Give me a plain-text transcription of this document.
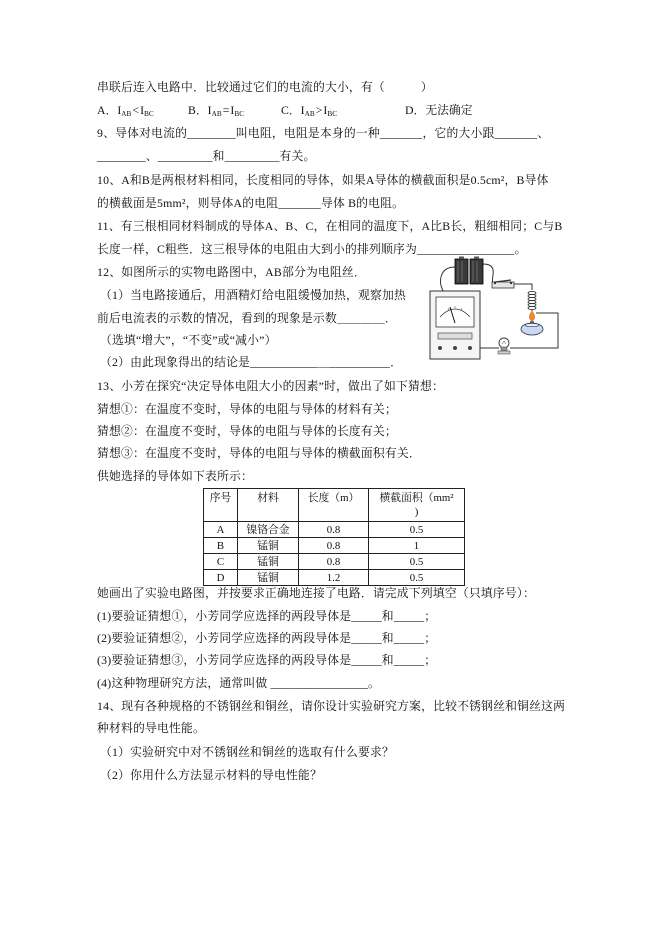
串联后连入电路中．比较通过它们的电流的大小，有（　　　）
A．$I_{AB}<I_{BC}$	B．$I_{AB}=I_{BC}$	C．$I_{AB}>I_{BC}$	D．无法确定
9、导体对电流的________叫电阻，电阻是本身的一种_______，它的大小跟_______、
________、_________和_________有关。
10、A和B是两根材料相同，长度相同的导体，如果A导体的横截面积是0.5cm²，B导体
的横截面是5mm²，则导体A的电阻_______导体 B的电阻。
11、有三根相同材料制成的导体A、B、C，在相同的温度下，A比B长，粗细相同；C与B
长度一样，C粗些．这三根导体的电阻由大到小的排列顺序为________________。
12、如图所示的实物电路图中，AB部分为电阻丝．
（1）当电路接通后，用酒精灯给电阻缓慢加热，观察加热
前后电流表的示数的情况，看到的现象是示数＿＿＿＿．
（选填“增大”，“不变”或“减小”）
（2）由此现象得出的结论是___________＿__________．
13、小芳在探究“决定导体电阻大小的因素”时，做出了如下猜想：
猜想①：在温度不变时，导体的电阻与导体的材料有关；
猜想②：在温度不变时，导体的电阻与导体的长度有关；
猜想③：在温度不变时，导体的电阻与导体的横截面积有关．
供她选择的导体如下表所示：
序号	材料	长度（m）	横截面积（mm²
)

A	镍铬合金	0.8	0.5
B	锰铜	0.8	1
C	锰铜	0.8	0.5
D	锰铜	1.2	0.5
她画出了实验电路图，并按要求正确地连接了电路．请完成下列填空（只填序号）：
(1)要验证猜想①，小芳同学应选择的两段导体是_____和_____；
(2)要验证猜想②，小芳同学应选择的两段导体是_____和_____；
(3)要验证猜想③，小芳同学应选择的两段导体是_____和_____；
(4)这种物理研究方法，通常叫做 ________________。
14、现有各种规格的不锈钢丝和铜丝，请你设计实验研究方案，比较不锈钢丝和铜丝这两
种材料的导电性能。
（1）实验研究中对不锈钢丝和铜丝的选取有什么要求？
（2）你用什么方法显示材料的导电性能？
